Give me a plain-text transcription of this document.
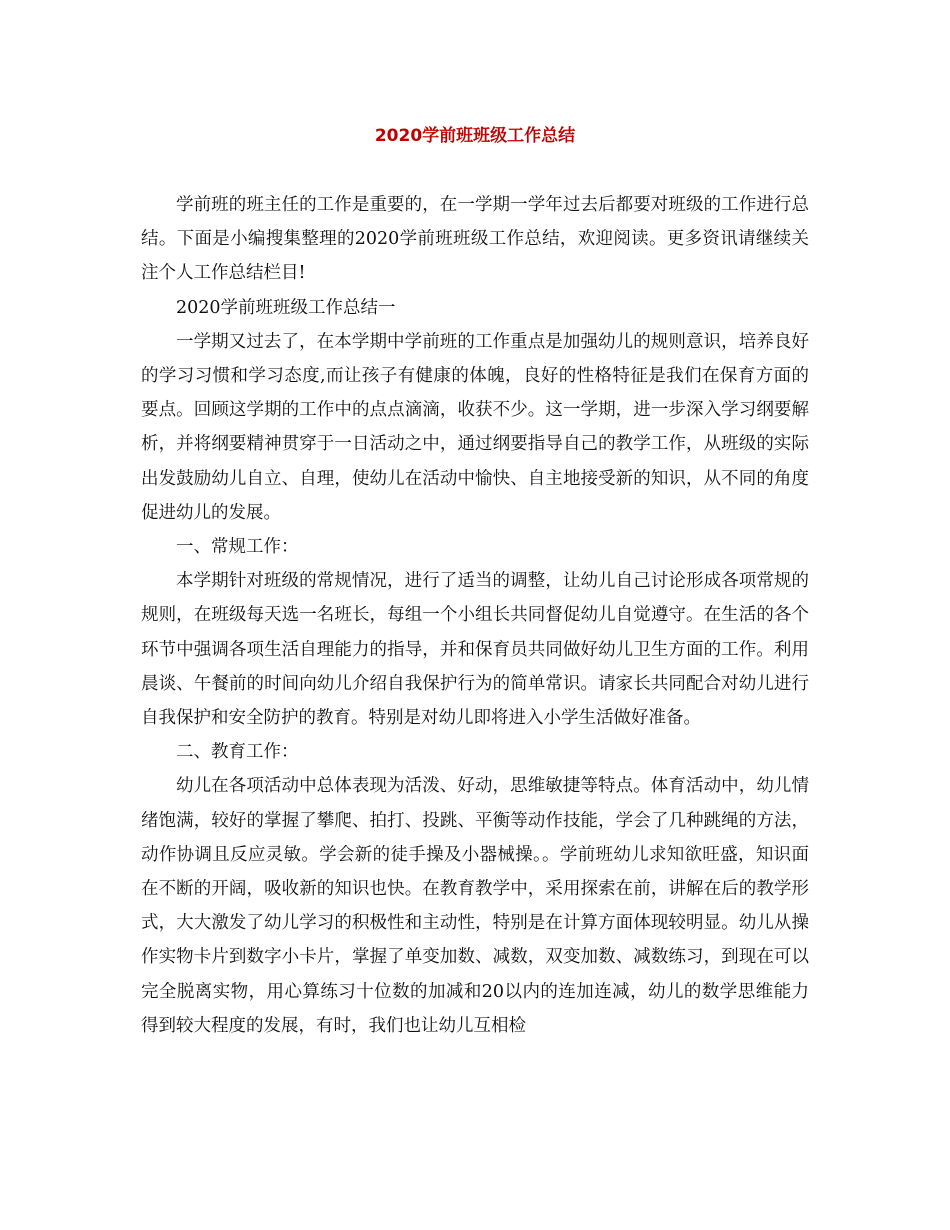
2020学前班班级工作总结

学前班的班主任的工作是重要的，在一学期一学年过去后都要对班级的工作进行总结。下面是小编搜集整理的2020学前班班级工作总结，欢迎阅读。更多资讯请继续关注个人工作总结栏目!

2020学前班班级工作总结一

一学期又过去了，在本学期中学前班的工作重点是加强幼儿的规则意识，培养良好的学习习惯和学习态度,而让孩子有健康的体魄，良好的性格特征是我们在保育方面的要点。回顾这学期的工作中的点点滴滴，收获不少。这一学期，进一步深入学习纲要解析，并将纲要精神贯穿于一日活动之中，通过纲要指导自己的教学工作，从班级的实际出发鼓励幼儿自立、自理，使幼儿在活动中愉快、自主地接受新的知识，从不同的角度促进幼儿的发展。

一、常规工作：

本学期针对班级的常规情况，进行了适当的调整，让幼儿自己讨论形成各项常规的规则，在班级每天选一名班长，每组一个小组长共同督促幼儿自觉遵守。在生活的各个环节中强调各项生活自理能力的指导，并和保育员共同做好幼儿卫生方面的工作。利用晨谈、午餐前的时间向幼儿介绍自我保护行为的简单常识。请家长共同配合对幼儿进行自我保护和安全防护的教育。特别是对幼儿即将进入小学生活做好准备。

二、教育工作：

幼儿在各项活动中总体表现为活泼、好动，思维敏捷等特点。体育活动中，幼儿情绪饱满，较好的掌握了攀爬、拍打、投跳、平衡等动作技能，学会了几种跳绳的方法，动作协调且反应灵敏。学会新的徒手操及小器械操。。学前班幼儿求知欲旺盛，知识面在不断的开阔，吸收新的知识也快。在教育教学中，采用探索在前，讲解在后的教学形式，大大激发了幼儿学习的积极性和主动性，特别是在计算方面体现较明显。幼儿从操作实物卡片到数字小卡片，掌握了单变加数、减数，双变加数、减数练习，到现在可以完全脱离实物，用心算练习十位数的加减和20以内的连加连减，幼儿的数学思维能力得到较大程度的发展，有时，我们也让幼儿互相检
